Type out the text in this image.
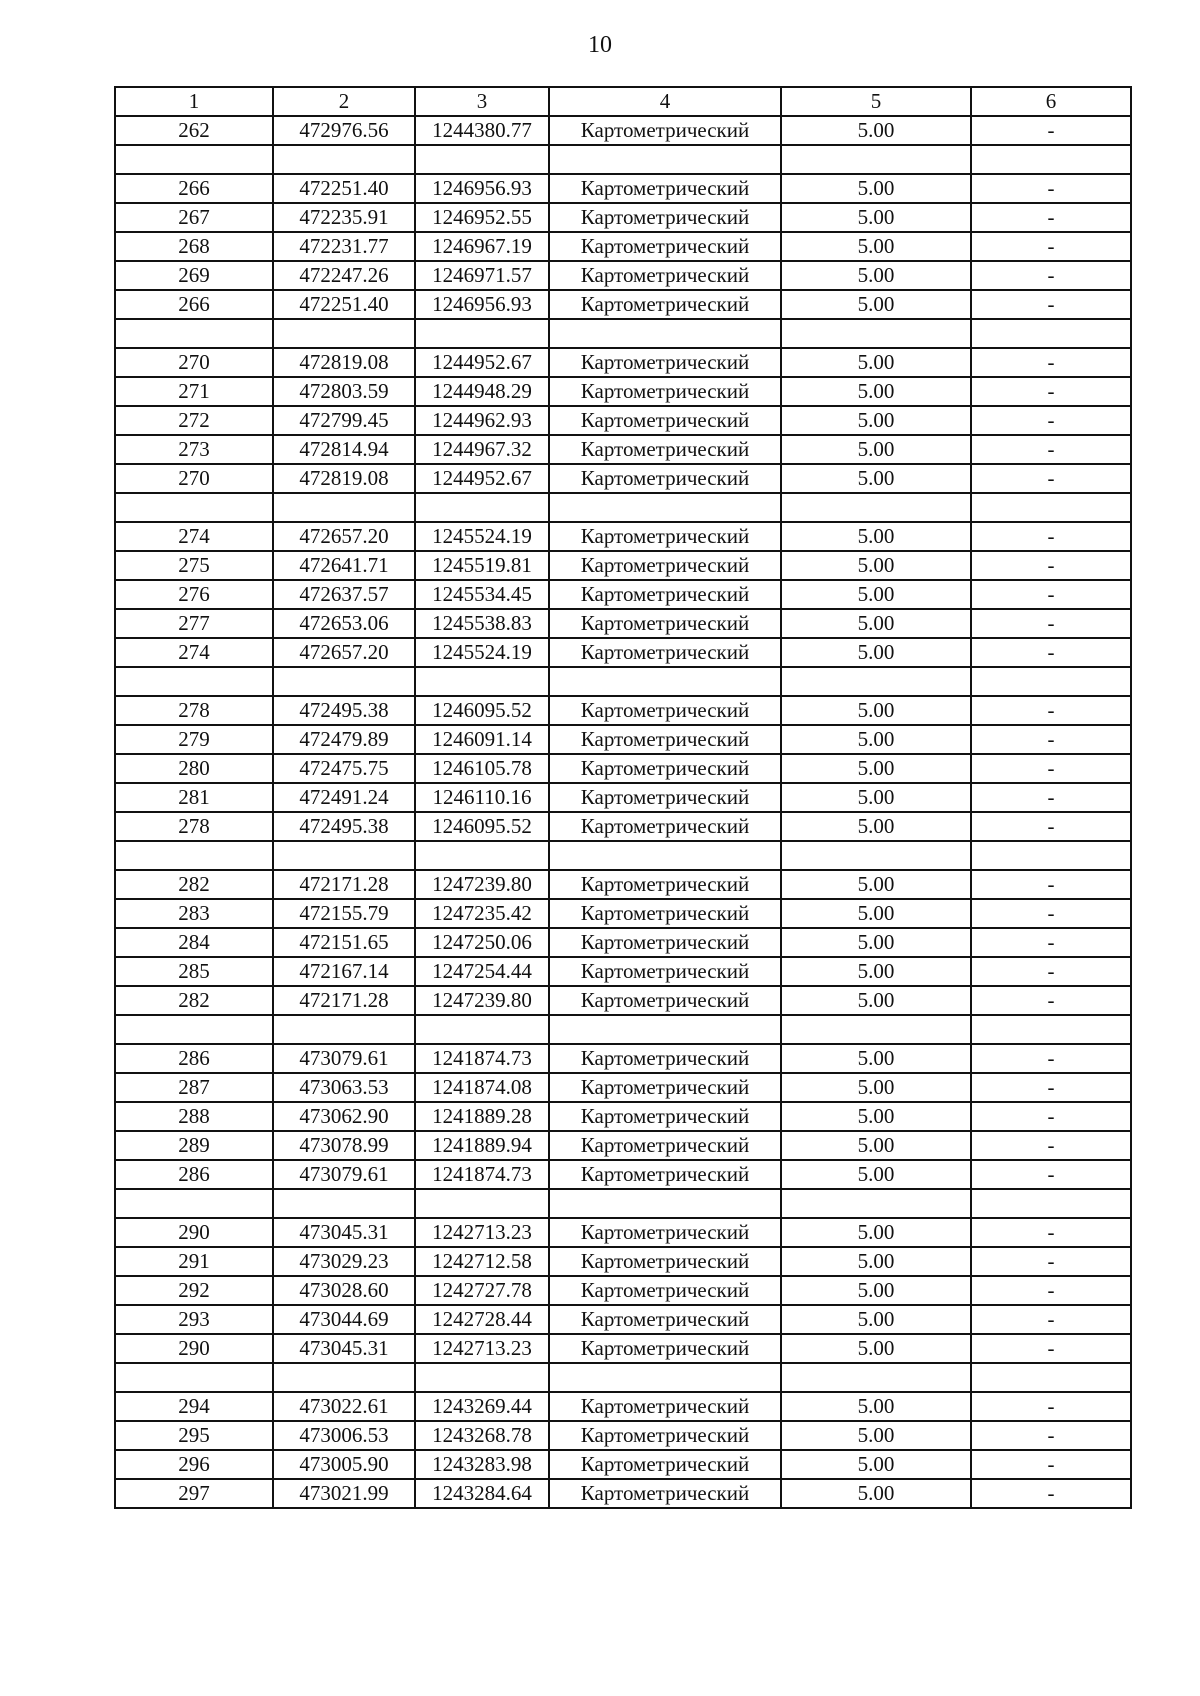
10
1	2	3	4	5	6
262	472976.56	1244380.77	Картометрический	5.00	-

266	472251.40	1246956.93	Картометрический	5.00	-
267	472235.91	1246952.55	Картометрический	5.00	-
268	472231.77	1246967.19	Картометрический	5.00	-
269	472247.26	1246971.57	Картометрический	5.00	-
266	472251.40	1246956.93	Картометрический	5.00	-

270	472819.08	1244952.67	Картометрический	5.00	-
271	472803.59	1244948.29	Картометрический	5.00	-
272	472799.45	1244962.93	Картометрический	5.00	-
273	472814.94	1244967.32	Картометрический	5.00	-
270	472819.08	1244952.67	Картометрический	5.00	-

274	472657.20	1245524.19	Картометрический	5.00	-
275	472641.71	1245519.81	Картометрический	5.00	-
276	472637.57	1245534.45	Картометрический	5.00	-
277	472653.06	1245538.83	Картометрический	5.00	-
274	472657.20	1245524.19	Картометрический	5.00	-

278	472495.38	1246095.52	Картометрический	5.00	-
279	472479.89	1246091.14	Картометрический	5.00	-
280	472475.75	1246105.78	Картометрический	5.00	-
281	472491.24	1246110.16	Картометрический	5.00	-
278	472495.38	1246095.52	Картометрический	5.00	-

282	472171.28	1247239.80	Картометрический	5.00	-
283	472155.79	1247235.42	Картометрический	5.00	-
284	472151.65	1247250.06	Картометрический	5.00	-
285	472167.14	1247254.44	Картометрический	5.00	-
282	472171.28	1247239.80	Картометрический	5.00	-

286	473079.61	1241874.73	Картометрический	5.00	-
287	473063.53	1241874.08	Картометрический	5.00	-
288	473062.90	1241889.28	Картометрический	5.00	-
289	473078.99	1241889.94	Картометрический	5.00	-
286	473079.61	1241874.73	Картометрический	5.00	-

290	473045.31	1242713.23	Картометрический	5.00	-
291	473029.23	1242712.58	Картометрический	5.00	-
292	473028.60	1242727.78	Картометрический	5.00	-
293	473044.69	1242728.44	Картометрический	5.00	-
290	473045.31	1242713.23	Картометрический	5.00	-

294	473022.61	1243269.44	Картометрический	5.00	-
295	473006.53	1243268.78	Картометрический	5.00	-
296	473005.90	1243283.98	Картометрический	5.00	-
297	473021.99	1243284.64	Картометрический	5.00	-
